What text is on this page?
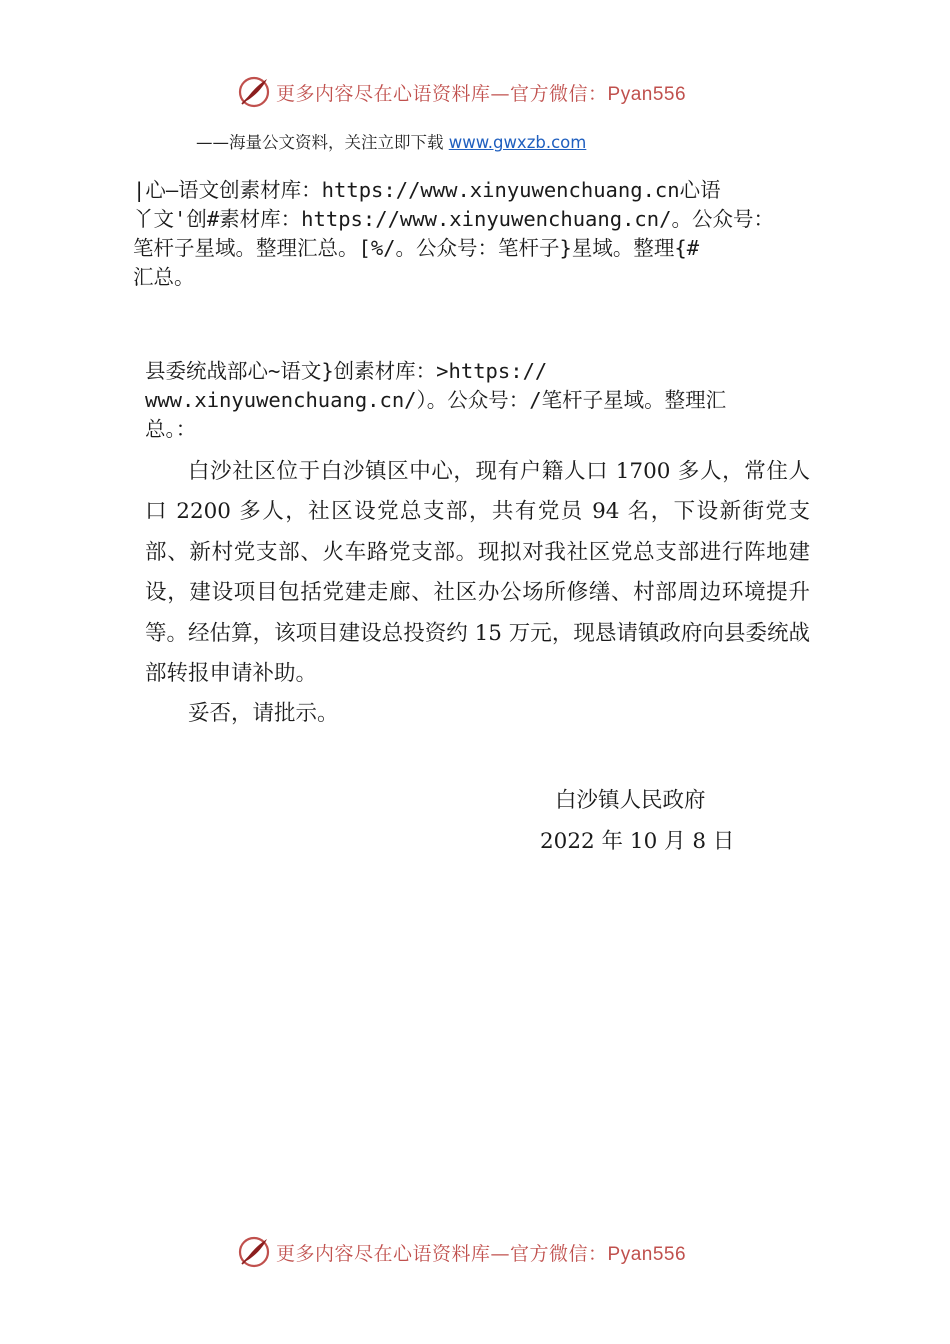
更多内容尽在心语资料库—官方微信：Pyan556
——海量公文资料，关注立即下载 www.gwxzb.com
|心—语文创素材库：https://www.xinyuwenchuang.cn心语
丫文'创#素材库：https://www.xinyuwenchuang.cn/。公众号：
笔杆子星域。整理汇总。[%/。公众号：笔杆子}星域。整理{#
汇总。
县委统战部心~语文}创素材库：>https://
www.xinyuwenchuang.cn/）。公众号：/笔杆子星域。整理汇
总。：

白沙社区位于白沙镇区中心，现有户籍人口 1700 多人，常住人口 2200 多人，社区设党总支部，共有党员 94 名，下设新街党支部、新村党支部、火车路党支部。现拟对我社区党总支部进行阵地建设，建设项目包括党建走廊、社区办公场所修缮、村部周边环境提升等。经估算，该项目建设总投资约 15 万元，现恳请镇政府向县委统战部转报申请补助。

妥否，请批示。

白沙镇人民政府
2022 年 10 月 8 日
更多内容尽在心语资料库—官方微信：Pyan556
